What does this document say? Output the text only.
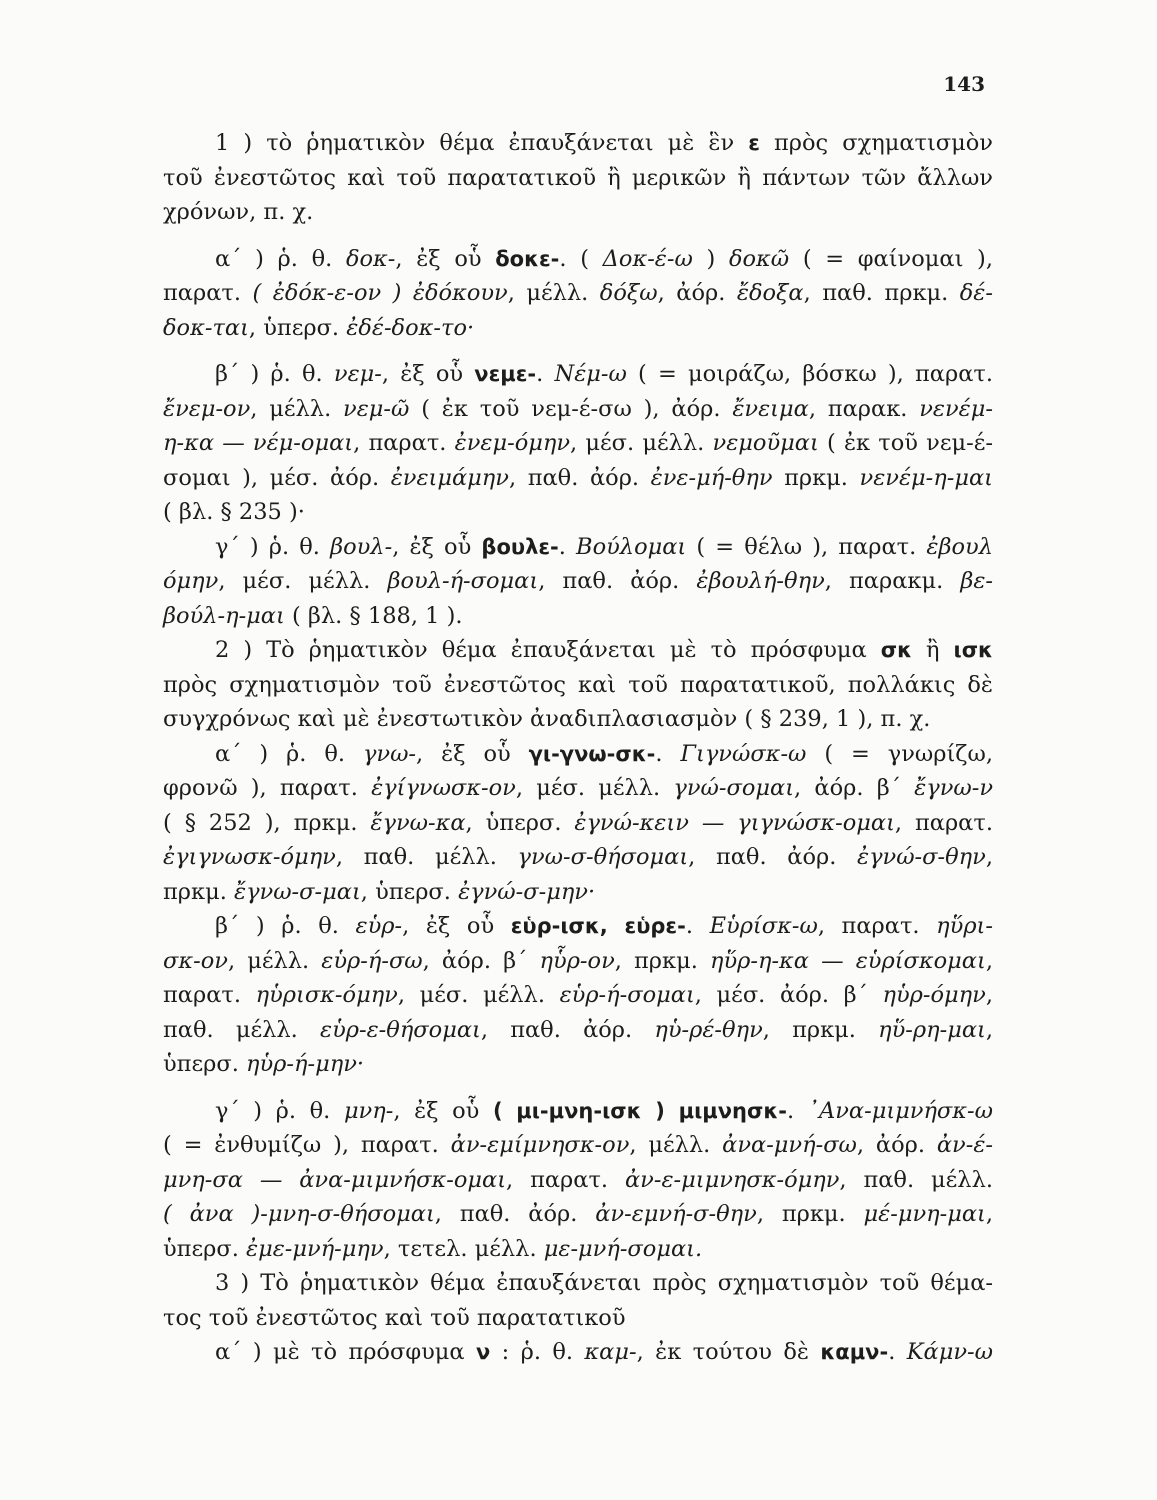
143
1 ) τὸ ῥηματικὸν θέμα ἐπαυξάνεται μὲ ἓν ε πρὸς σχηματισμὸν
τοῦ ἐνεστῶτος καὶ τοῦ παρατατικοῦ ἢ μερικῶν ἢ πάντων τῶν ἄλλων
χρόνων, π. χ.
α΄ ) ῥ. θ. δοκ-, ἐξ οὗ δοκε-. ( Δοκ-έ-ω ) δοκῶ ( = φαίνομαι ),
παρατ. ( ἐδόκ-ε-ον ) ἐδόκουν, μέλλ. δόξω, ἀόρ. ἔδοξα, παθ. πρκμ. δέ-
δοκ-ται, ὑπερσ. ἐδέ-δοκ-το·
β΄ ) ῥ. θ. νεμ-, ἐξ οὗ νεμε-. Νέμ-ω ( = μοιράζω, βόσκω ), παρατ.
ἔνεμ-ον, μέλλ. νεμ-ῶ ( ἐκ τοῦ νεμ-έ-σω ), ἀόρ. ἔνειμα, παρακ. νενέμ-
η-κα — νέμ-ομαι, παρατ. ἐνεμ-όμην, μέσ. μέλλ. νεμοῦμαι ( ἐκ τοῦ νεμ-έ-
σομαι ), μέσ. ἀόρ. ἐνειμάμην, παθ. ἀόρ. ἐνε-μή-θην πρκμ. νενέμ-η-μαι
( βλ. § 235 )·
γ΄ ) ῥ. θ. βουλ-, ἐξ οὗ βουλε-. Βούλομαι ( = θέλω ), παρατ. ἐβουλ
όμην, μέσ. μέλλ. βουλ-ή-σομαι, παθ. ἀόρ. ἐβουλή-θην, παρακμ. βε-
βούλ-η-μαι ( βλ. § 188, 1 ).
2 ) Τὸ ῥηματικὸν θέμα ἐπαυξάνεται μὲ τὸ πρόσφυμα σκ ἢ ισκ
πρὸς σχηματισμὸν τοῦ ἐνεστῶτος καὶ τοῦ παρατατικοῦ, πολλάκις δὲ
συγχρόνως καὶ μὲ ἐνεστωτικὸν ἀναδιπλασιασμὸν ( § 239, 1 ), π. χ.
α΄ ) ῥ. θ. γνω-, ἐξ οὗ γι-γνω-σκ-. Γιγνώσκ-ω ( = γνωρίζω,
φρονῶ ), παρατ. ἐγίγνωσκ-ον, μέσ. μέλλ. γνώ-σομαι, ἀόρ. β΄ ἔγνω-ν
( § 252 ), πρκμ. ἔγνω-κα, ὑπερσ. ἐγνώ-κειν — γιγνώσκ-ομαι, παρατ.
ἐγιγνωσκ-όμην, παθ. μέλλ. γνω-σ-θήσομαι, παθ. ἀόρ. ἐγνώ-σ-θην,
πρκμ. ἔγνω-σ-μαι, ὑπερσ. ἐγνώ-σ-μην·
β΄ ) ῥ. θ. εὑρ-, ἐξ οὗ εὑρ-ισκ, εὑρε-. Εὑρίσκ-ω, παρατ. ηὕρι-
σκ-ον, μέλλ. εὑρ-ή-σω, ἀόρ. β΄ ηὗρ-ον, πρκμ. ηὕρ-η-κα — εὑρίσκομαι,
παρατ. ηὑρισκ-όμην, μέσ. μέλλ. εὑρ-ή-σομαι, μέσ. ἀόρ. β΄ ηὑρ-όμην,
παθ. μέλλ. εὑρ-ε-θήσομαι, παθ. ἀόρ. ηὑ-ρέ-θην, πρκμ. ηὕ-ρη-μαι,
ὑπερσ. ηὑρ-ή-μην·
γ΄ ) ῥ. θ. μνη-, ἐξ οὗ ( μι-μνη-ισκ ) μιμνησκ-. ᾿Ανα-μιμνήσκ-ω
( = ἐνθυμίζω ), παρατ. ἀν-εμίμνησκ-ον, μέλλ. ἀνα-μνή-σω, ἀόρ. ἀν-έ-
μνη-σα — ἀνα-μιμνήσκ-ομαι, παρατ. ἀν-ε-μιμνησκ-όμην, παθ. μέλλ.
( ἀνα )-μνη-σ-θήσομαι, παθ. ἀόρ. ἀν-εμνή-σ-θην, πρκμ. μέ-μνη-μαι,
ὑπερσ. ἐμε-μνή-μην, τετελ. μέλλ. με-μνή-σομαι.
3 ) Τὸ ῥηματικὸν θέμα ἐπαυξάνεται πρὸς σχηματισμὸν τοῦ θέμα-
τος τοῦ ἐνεστῶτος καὶ τοῦ παρατατικοῦ
α΄ ) μὲ τὸ πρόσφυμα ν : ῥ. θ. καμ-, ἐκ τούτου δὲ καμν-. Κάμν-ω
